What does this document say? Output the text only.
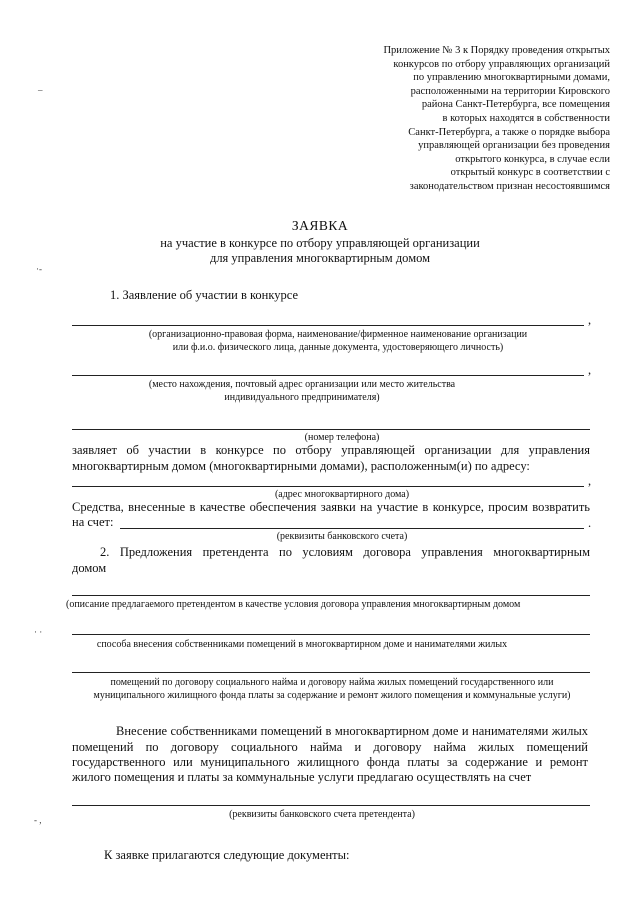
–
·-
· ·
- ,
Приложение № 3 к Порядку проведения открытых
конкурсов по отбору управляющих организаций
по управлению многоквартирными домами,
расположенными на территории Кировского
района Санкт-Петербурга, все помещения
в которых находятся в собственности
Санкт-Петербурга, а также о порядке выбора
управляющей организации без проведения
открытого конкурса, в случае если
открытый конкурс в соответствии с
законодательством признан несостоявшимся
ЗАЯВКА
на участие в конкурсе по отбору управляющей организации
для управления многоквартирным домом
1. Заявление об участии в конкурсе
,
(организационно-правовая форма, наименование/фирменное наименование организации
или ф.и.о. физического лица, данные документа, удостоверяющего личность)
,
(место нахождения, почтовый адрес организации или место жительства
индивидуального предпринимателя)
(номер телефона)
заявляет об участии в конкурсе по отбору управляющей организации для управления
многоквартирным домом (многоквартирными домами), расположенным(и) по адресу:
,
(адрес многоквартирного дома)
Средства, внесенные в качестве обеспечения заявки на участие в конкурсе, просим возвратить
на счет:	.
(реквизиты банковского счета)
2. Предложения претендента по условиям договора управления многоквартирным
домом
(описание предлагаемого претендентом в качестве условия договора управления многоквартирным домом
способа внесения собственниками помещений в многоквартирном доме и нанимателями жилых
помещений по договору социального найма и договору найма жилых помещений государственного или
муниципального жилищного фонда платы за содержание и ремонт жилого помещения и коммунальные услуги)
Внесение собственниками помещений в многоквартирном доме и нанимателями жилых
помещений по договору социального найма и договору найма жилых помещений
государственного или муниципального жилищного фонда платы за содержание и ремонт
жилого помещения и платы за коммунальные услуги предлагаю осуществлять на счет
(реквизиты банковского счета претендента)
К заявке прилагаются следующие документы:
